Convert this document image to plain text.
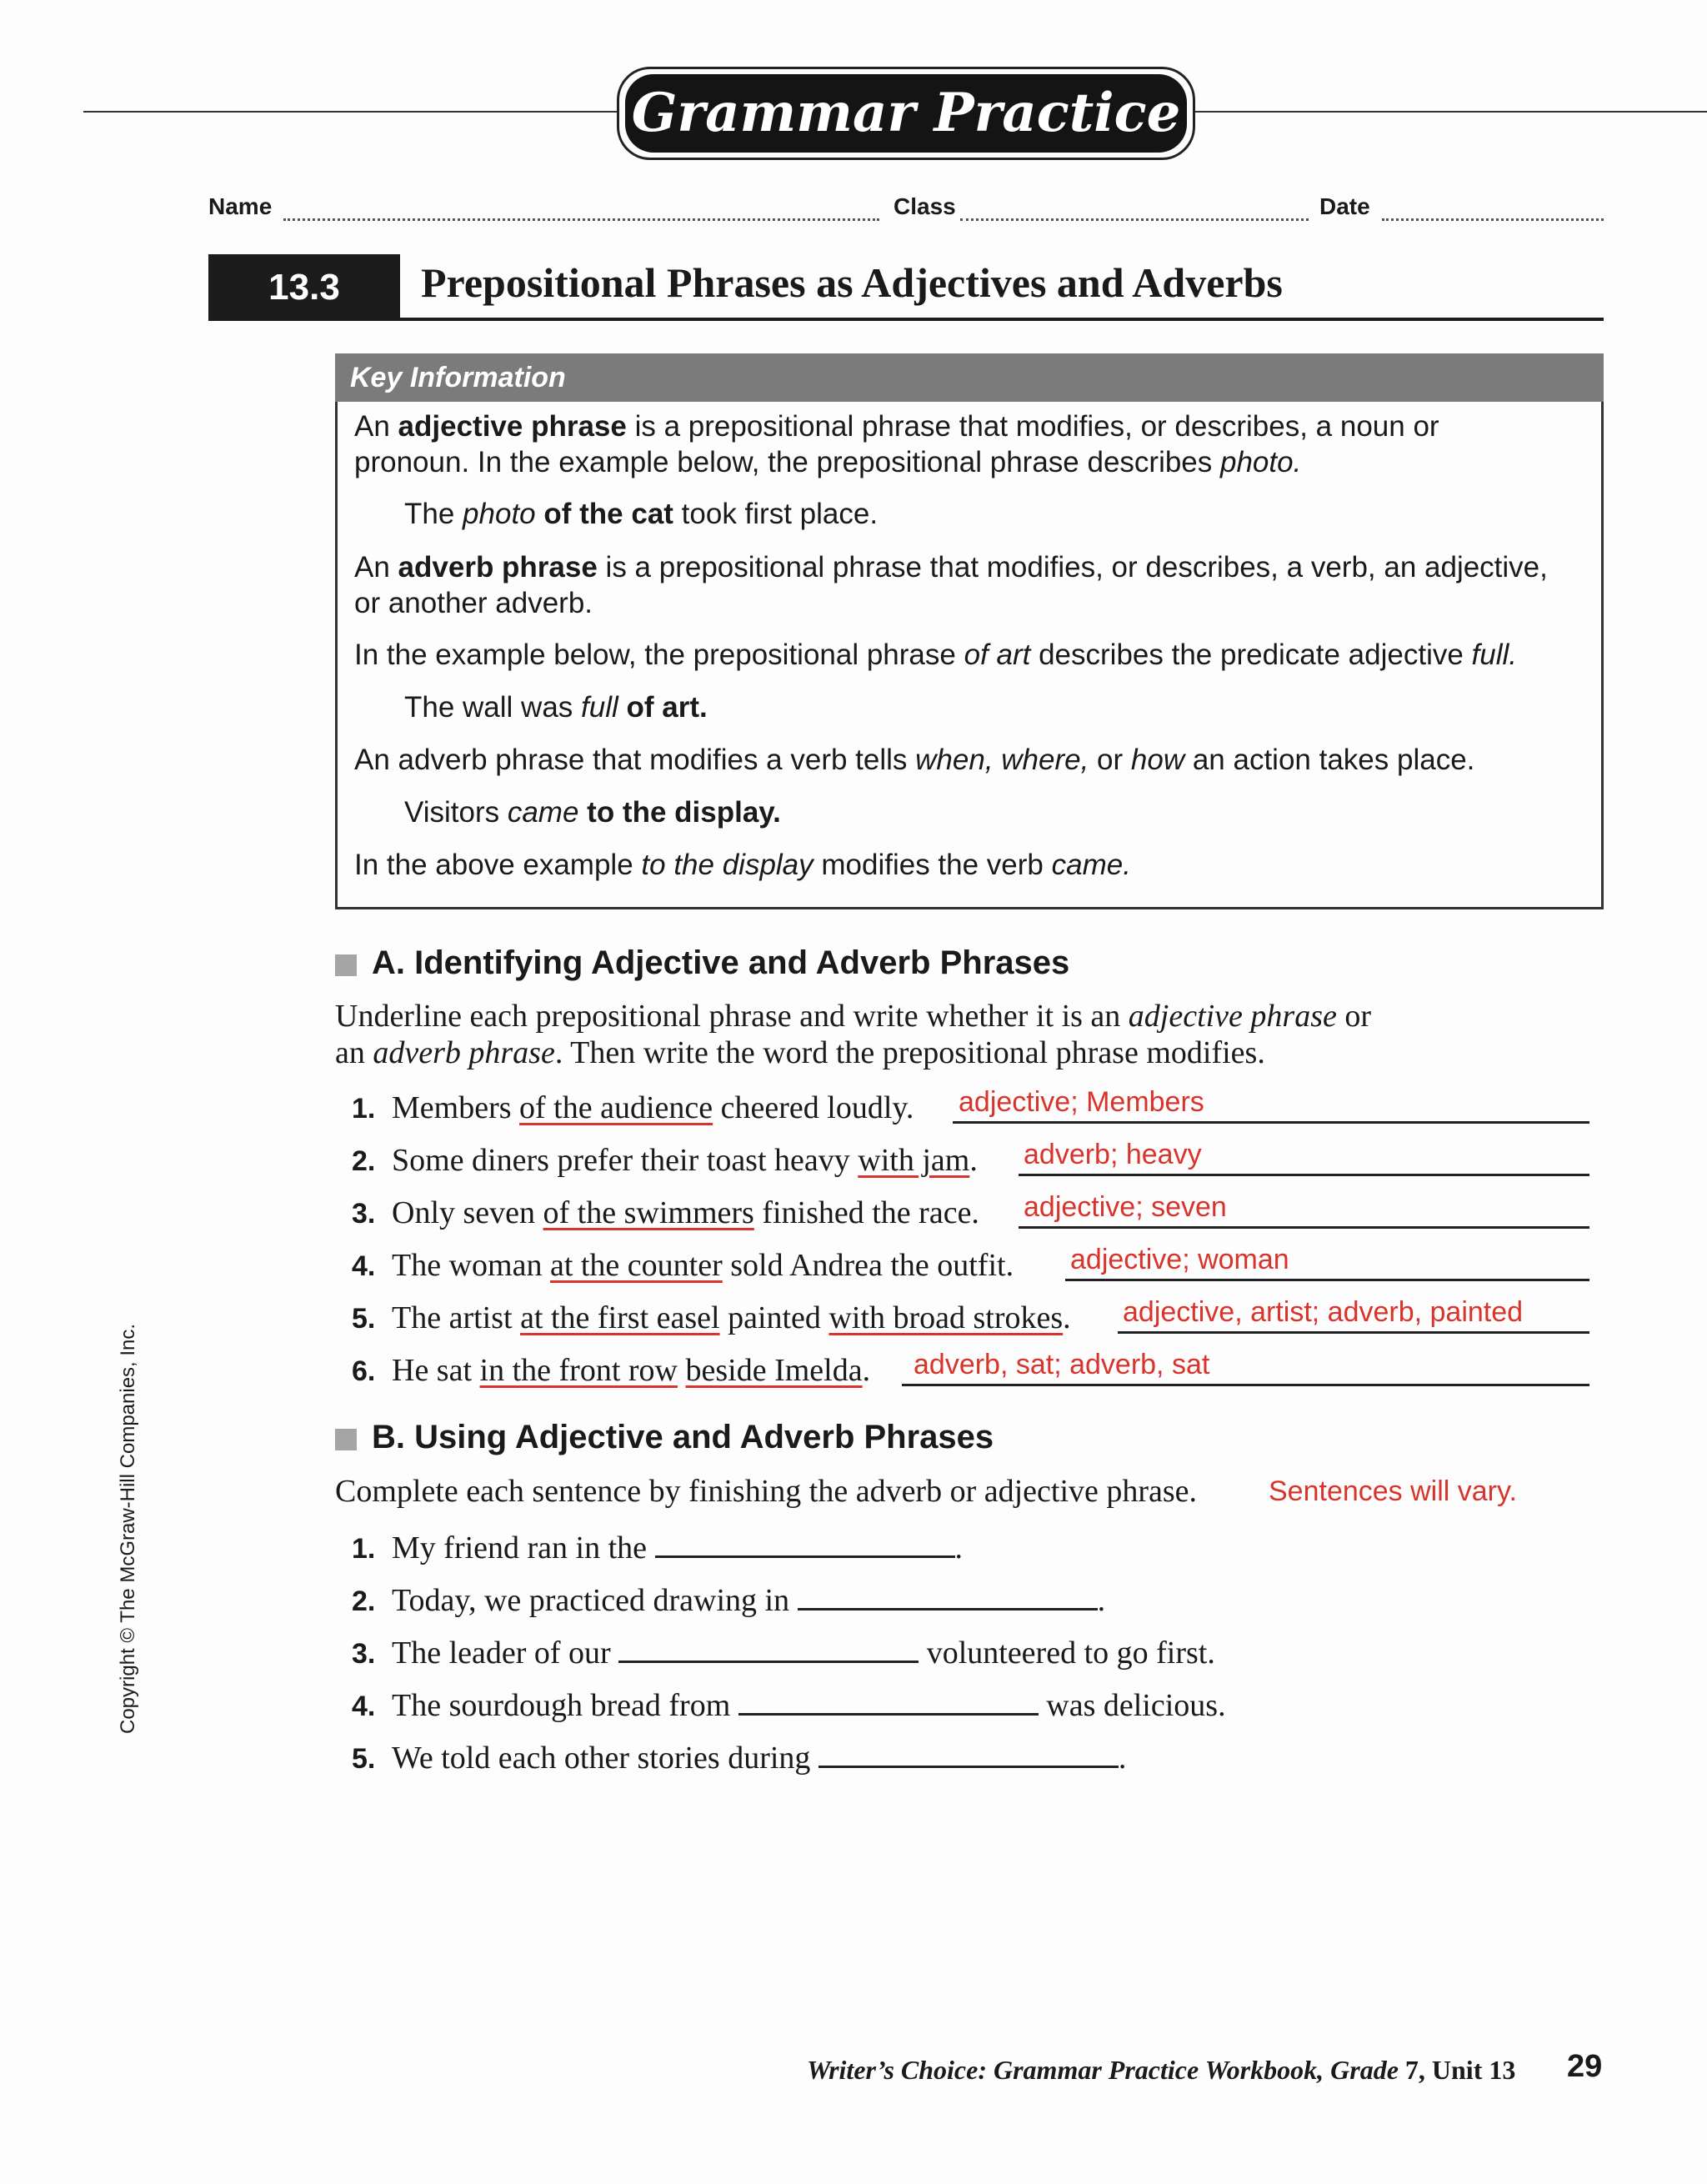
Grammar Practice
Name	Class	Date
13.3	Prepositional Phrases as Adjectives and Adverbs
Key Information
An adjective phrase is a prepositional phrase that modifies, or describes, a noun or
pronoun. In the example below, the prepositional phrase describes photo.
The photo of the cat took first place.
An adverb phrase is a prepositional phrase that modifies, or describes, a verb, an adjective,
or another adverb.
In the example below, the prepositional phrase of art describes the predicate adjective full.
The wall was full of art.
An adverb phrase that modifies a verb tells when, where, or how an action takes place.
Visitors came to the display.
In the above example to the display modifies the verb came.
A. Identifying Adjective and Adverb Phrases
Underline each prepositional phrase and write whether it is an adjective phrase or
an adverb phrase. Then write the word the prepositional phrase modifies.
1. Members of the audience cheered loudly. adjective; Members
2. Some diners prefer their toast heavy with jam. adverb; heavy
3. Only seven of the swimmers finished the race. adjective; seven
4. The woman at the counter sold Andrea the outfit. adjective; woman
5. The artist at the first easel painted with broad strokes. adjective, artist; adverb, painted
6. He sat in the front row beside Imelda. adverb, sat; adverb, sat
B. Using Adjective and Adverb Phrases
Complete each sentence by finishing the adverb or adjective phrase.	Sentences will vary.
1. My friend ran in the	.
2. Today, we practiced drawing in	.
3. The leader of our	volunteered to go first.
4. The sourdough bread from	was delicious.
5. We told each other stories during	.
Copyright © The McGraw-Hill Companies, Inc.
Writer’s Choice: Grammar Practice Workbook, Grade 7, Unit 13 29
